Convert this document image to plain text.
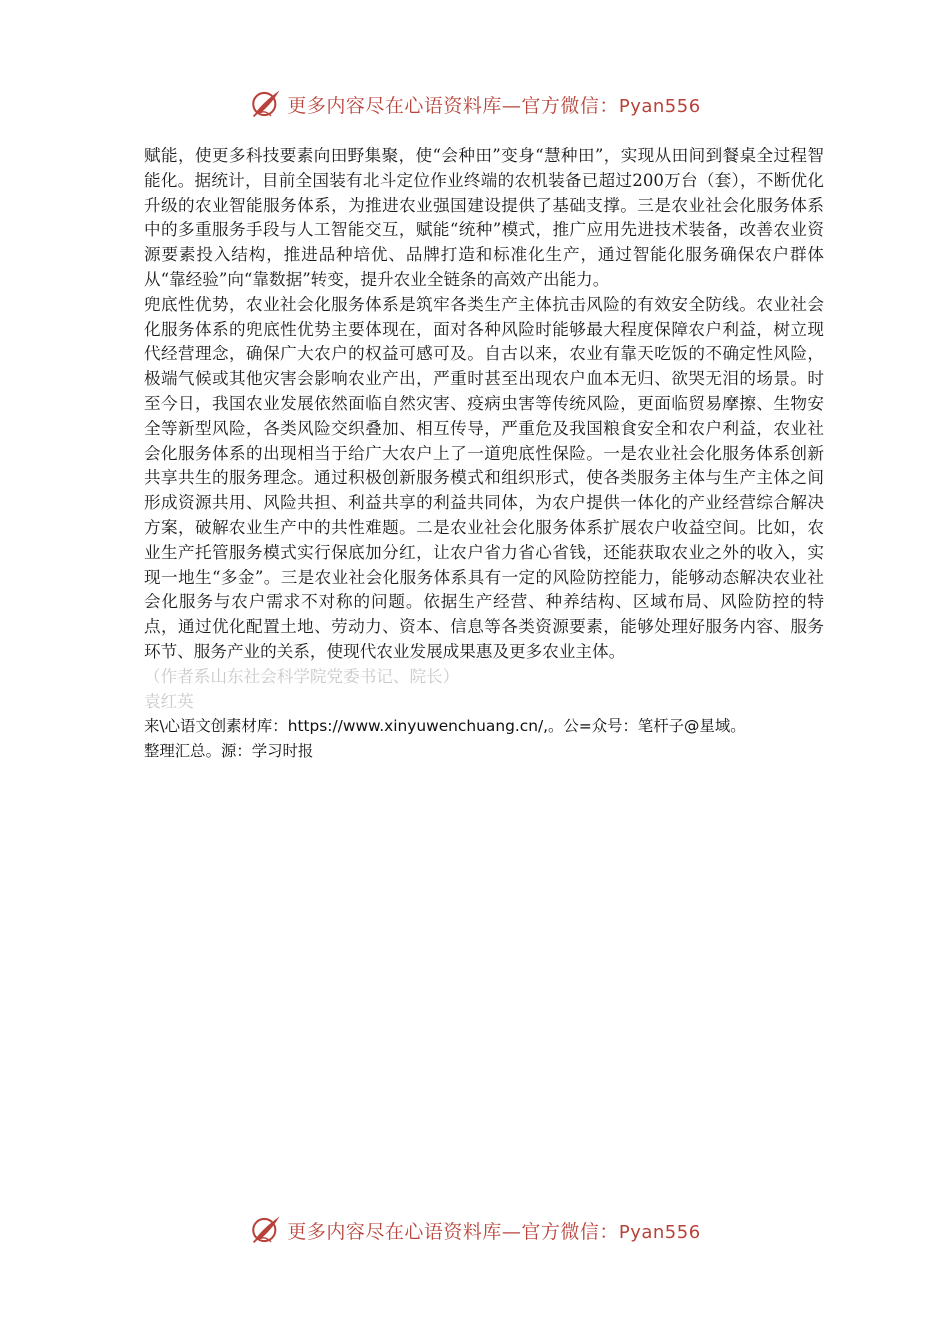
更多内容尽在心语资料库—官方微信：Pyan556

赋能，使更多科技要素向田野集聚，使“会种田”变身“慧种田”，实现从田间到餐桌全过程智能化。据统计，目前全国装有北斗定位作业终端的农机装备已超过200万台（套），不断优化升级的农业智能服务体系，为推进农业强国建设提供了基础支撑。三是农业社会化服务体系中的多重服务手段与人工智能交互，赋能“统种”模式，推广应用先进技术装备，改善农业资源要素投入结构，推进品种培优、品牌打造和标准化生产，通过智能化服务确保农户群体从“靠经验”向“靠数据”转变，提升农业全链条的高效产出能力。

兜底性优势，农业社会化服务体系是筑牢各类生产主体抗击风险的有效安全防线。农业社会化服务体系的兜底性优势主要体现在，面对各种风险时能够最大程度保障农户利益，树立现代经营理念，确保广大农户的权益可感可及。自古以来，农业有靠天吃饭的不确定性风险，极端气候或其他灾害会影响农业产出，严重时甚至出现农户血本无归、欲哭无泪的场景。时至今日，我国农业发展依然面临自然灾害、疫病虫害等传统风险，更面临贸易摩擦、生物安全等新型风险，各类风险交织叠加、相互传导，严重危及我国粮食安全和农户利益，农业社会化服务体系的出现相当于给广大农户上了一道兜底性保险。一是农业社会化服务体系创新共享共生的服务理念。通过积极创新服务模式和组织形式，使各类服务主体与生产主体之间形成资源共用、风险共担、利益共享的利益共同体，为农户提供一体化的产业经营综合解决方案，破解农业生产中的共性难题。二是农业社会化服务体系扩展农户收益空间。比如，农业生产托管服务模式实行保底加分红，让农户省力省心省钱，还能获取农业之外的收入，实现一地生“多金”。三是农业社会化服务体系具有一定的风险防控能力，能够动态解决农业社会化服务与农户需求不对称的问题。依据生产经营、种养结构、区域布局、风险防控的特点，通过优化配置土地、劳动力、资本、信息等各类资源要素，能够处理好服务内容、服务环节、服务产业的关系，使现代农业发展成果惠及更多农业主体。

（作者系山东社会科学院党委书记、院长）

袁红英

来\心语文创素材库：https://www.xinyuwenchuang.cn/,。公=众号：笔杆子@星域。

整理汇总。源：学习时报

更多内容尽在心语资料库—官方微信：Pyan556
